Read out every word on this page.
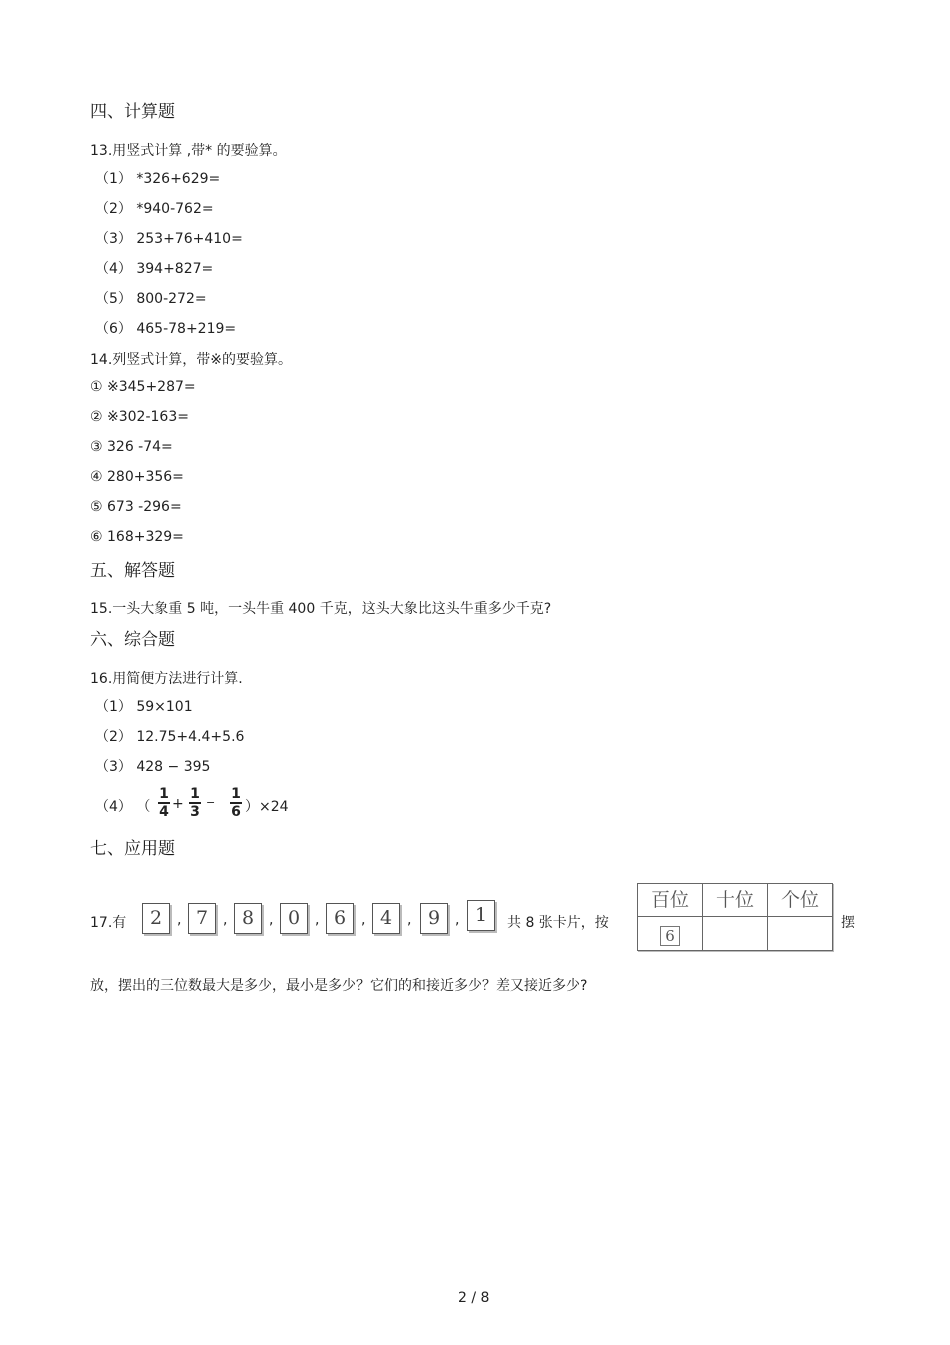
四、计算题
13.用竖式计算 ,带* 的要验算。
（1） *326+629=
（2） *940-762=
（3） 253+76+410=
（4） 394+827=
（5） 800-272=
（6） 465-78+219=
14.列竖式计算，带※的要验算。
① ※345+287=
② ※302-163=
③ 326 -74=
④ 280+356=
⑤ 673 -296=
⑥ 168+329=
五、解答题
15.一头大象重 5 吨，一头牛重 400 千克，这头大象比这头牛重多少千克?
六、综合题
16.用简便方法进行计算.
（1） 59×101
（2） 12.75+4.4+5.6
（3） 428 − 395
（4） （
1
4 +
1
3
−
1
6 ）×24
七、应用题
17.有	2	, 7	, 8	, 0	, 6	, 4	, 9	, 1	共 8 张卡片，按
百位	十位	个位
6
摆
放，摆出的三位数最大是多少，最小是多少？它们的和接近多少？差又接近多少?
2 / 8
